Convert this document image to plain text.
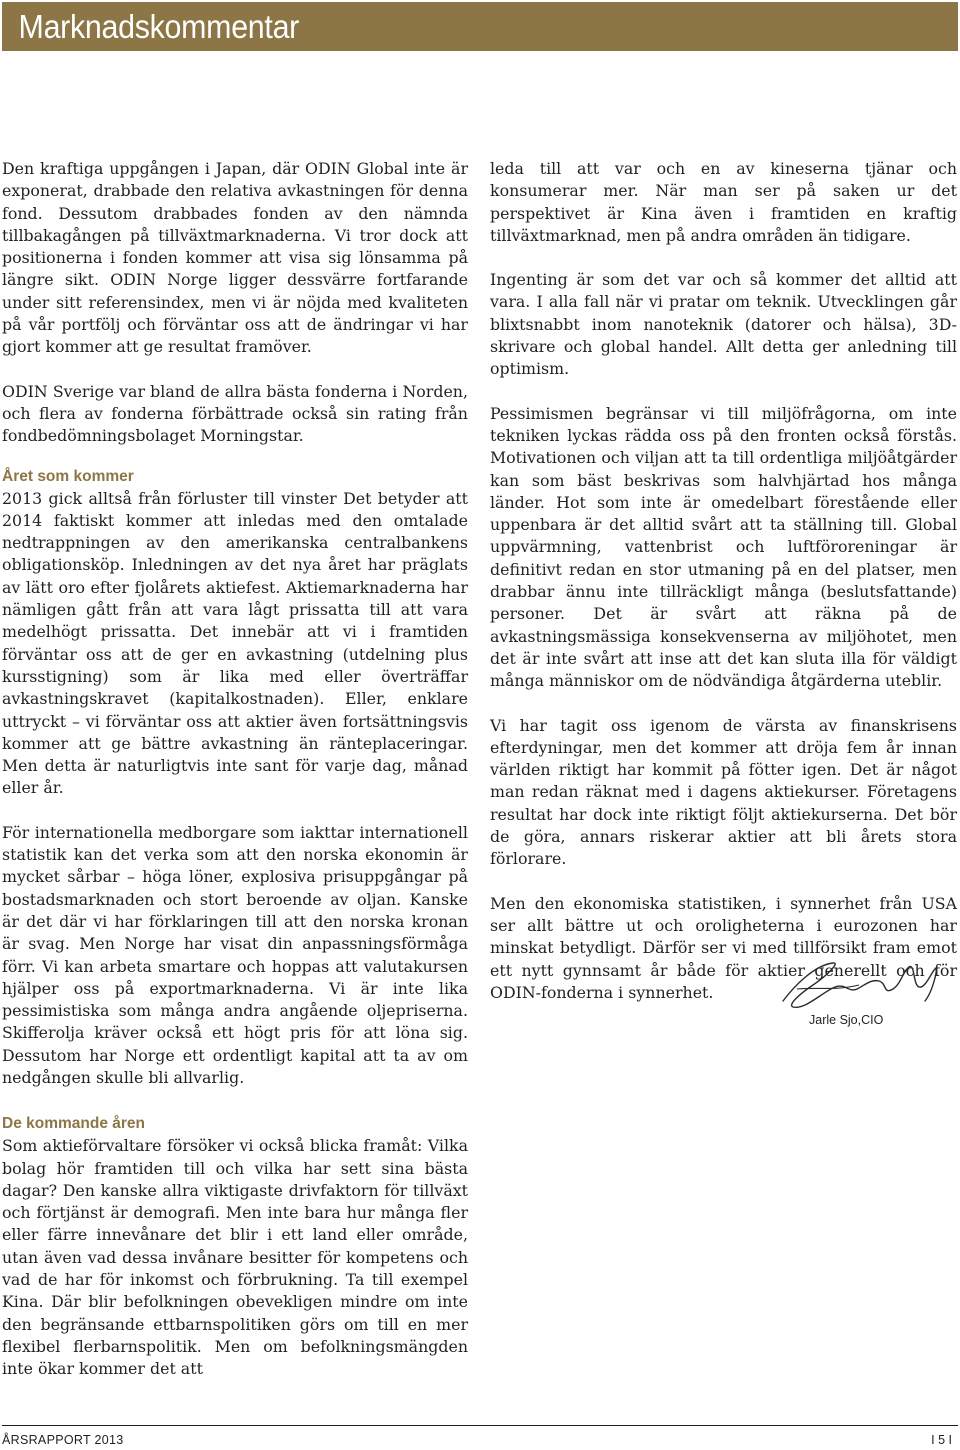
Marknadskommentar

Den kraftiga uppgången i Japan, där ODIN Global inte är exponerat, drabbade den relativa avkastningen för denna fond. Dessutom drabbades fonden av den nämnda tillbakagången på tillväxtmarknaderna. Vi tror dock att positionerna i fonden kommer att visa sig lönsamma på längre sikt. ODIN Norge ligger dessvärre fortfarande under sitt referensindex, men vi är nöjda med kvaliteten på vår portfölj och förväntar oss att de ändringar vi har gjort kommer att ge resultat framöver.

ODIN Sverige var bland de allra bästa fonderna i Norden, och flera av fonderna förbättrade också sin rating från fondbedömningsbolaget Morningstar.

Året som kommer

2013 gick alltså från förluster till vinster Det betyder att 2014 faktiskt kommer att inledas med den omtalade nedtrappningen av den amerikanska centralbankens obligationsköp. Inledningen av det nya året har präglats av lätt oro efter fjolårets aktiefest. Aktiemarknaderna har nämligen gått från att vara lågt prissatta till att vara medelhögt prissatta. Det innebär att vi i framtiden förväntar oss att de ger en avkastning (utdelning plus kursstigning) som är lika med eller överträffar avkastningskravet (kapitalkostnaden). Eller, enklare uttryckt – vi förväntar oss att aktier även fortsättningsvis kommer att ge bättre avkastning än ränteplaceringar. Men detta är naturligtvis inte sant för varje dag, månad eller år.

För internationella medborgare som iakttar internationell statistik kan det verka som att den norska ekonomin är mycket sårbar – höga löner, explosiva prisuppgångar på bostadsmarknaden och stort beroende av oljan. Kanske är det där vi har förklaringen till att den norska kronan är svag. Men Norge har visat din anpassningsförmåga förr. Vi kan arbeta smartare och hoppas att valutakursen hjälper oss på exportmarknaderna. Vi är inte lika pessimistiska som många andra angående oljepriserna. Skifferolja kräver också ett högt pris för att löna sig. Dessutom har Norge ett ordentligt kapital att ta av om nedgången skulle bli allvarlig.

De kommande åren

Som aktieförvaltare försöker vi också blicka framåt: Vilka bolag hör framtiden till och vilka har sett sina bästa dagar? Den kanske allra viktigaste drivfaktorn för tillväxt och förtjänst är demografi. Men inte bara hur många fler eller färre innevånare det blir i ett land eller område, utan även vad dessa invånare besitter för kompetens och vad de har för inkomst och förbrukning. Ta till exempel Kina. Där blir befolkningen obevekligen mindre om inte den begränsande ettbarnspolitiken görs om till en mer flexibel flerbarnspolitik. Men om befolkningsmängden inte ökar kommer det att

leda till att var och en av kineserna tjänar och konsumerar mer. När man ser på saken ur det perspektivet är Kina även i framtiden en kraftig tillväxtmarknad, men på andra områden än tidigare.

Ingenting är som det var och så kommer det alltid att vara. I alla fall när vi pratar om teknik. Utvecklingen går blixtsnabbt inom nanoteknik (datorer och hälsa), 3D-skrivare och global handel. Allt detta ger anledning till optimism.

Pessimismen begränsar vi till miljöfrågorna, om inte tekniken lyckas rädda oss på den fronten också förstås. Motivationen och viljan att ta till ordentliga miljöåtgärder kan som bäst beskrivas som halvhjärtad hos många länder. Hot som inte är omedelbart förestående eller uppenbara är det alltid svårt att ta ställning till. Global uppvärmning, vattenbrist och luftföroreningar är definitivt redan en stor utmaning på en del platser, men drabbar ännu inte tillräckligt många (beslutsfattande) personer. Det är svårt att räkna på de avkastningsmässiga konsekvenserna av miljöhotet, men det är inte svårt att inse att det kan sluta illa för väldigt många människor om de nödvändiga åtgärderna uteblir.

Vi har tagit oss igenom de värsta av finanskrisens efterdyningar, men det kommer att dröja fem år innan världen riktigt har kommit på fötter igen. Det är något man redan räknat med i dagens aktiekurser. Företagens resultat har dock inte riktigt följt aktiekurserna. Det bör de göra, annars riskerar aktier att bli årets stora förlorare.

Men den ekonomiska statistiken, i synnerhet från USA ser allt bättre ut och oroligheterna i eurozonen har minskat betydligt. Därför ser vi med tillförsikt fram emot ett nytt gynnsamt år både för aktier generellt och för ODIN-fonderna i synnerhet.

Jarle Sjo,CIO
ÅRSRAPPORT 2013	I 5 I
